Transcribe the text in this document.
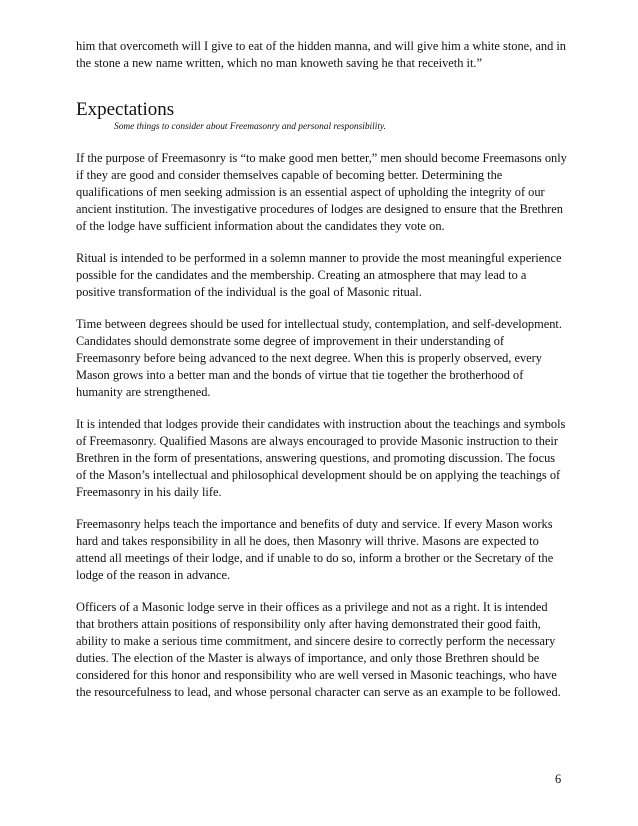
him that overcometh will I give to eat of the hidden manna, and will give him a white stone, and in the stone a new name written, which no man knoweth saving he that receiveth it.”

Expectations
Some things to consider about Freemasonry and personal responsibility.

If the purpose of Freemasonry is “to make good men better,” men should become Freemasons only if they are good and consider themselves capable of becoming better. Determining the qualifications of men seeking admission is an essential aspect of upholding the integrity of our ancient institution. The investigative procedures of lodges are designed to ensure that the Brethren of the lodge have sufficient information about the candidates they vote on.

Ritual is intended to be performed in a solemn manner to provide the most meaningful experience possible for the candidates and the membership. Creating an atmosphere that may lead to a positive transformation of the individual is the goal of Masonic ritual.

Time between degrees should be used for intellectual study, contemplation, and self-development. Candidates should demonstrate some degree of improvement in their understanding of Freemasonry before being advanced to the next degree. When this is properly observed, every Mason grows into a better man and the bonds of virtue that tie together the brotherhood of humanity are strengthened.

It is intended that lodges provide their candidates with instruction about the teachings and symbols of Freemasonry. Qualified Masons are always encouraged to provide Masonic instruction to their Brethren in the form of presentations, answering questions, and promoting discussion. The focus of the Mason’s intellectual and philosophical development should be on applying the teachings of Freemasonry in his daily life.

Freemasonry helps teach the importance and benefits of duty and service. If every Mason works hard and takes responsibility in all he does, then Masonry will thrive. Masons are expected to attend all meetings of their lodge, and if unable to do so, inform a brother or the Secretary of the lodge of the reason in advance.

Officers of a Masonic lodge serve in their offices as a privilege and not as a right. It is intended that brothers attain positions of responsibility only after having demonstrated their good faith, ability to make a serious time commitment, and sincere desire to correctly perform the necessary duties. The election of the Master is always of importance, and only those Brethren should be considered for this honor and responsibility who are well versed in Masonic teachings, who have the resourcefulness to lead, and whose personal character can serve as an example to be followed.

6
